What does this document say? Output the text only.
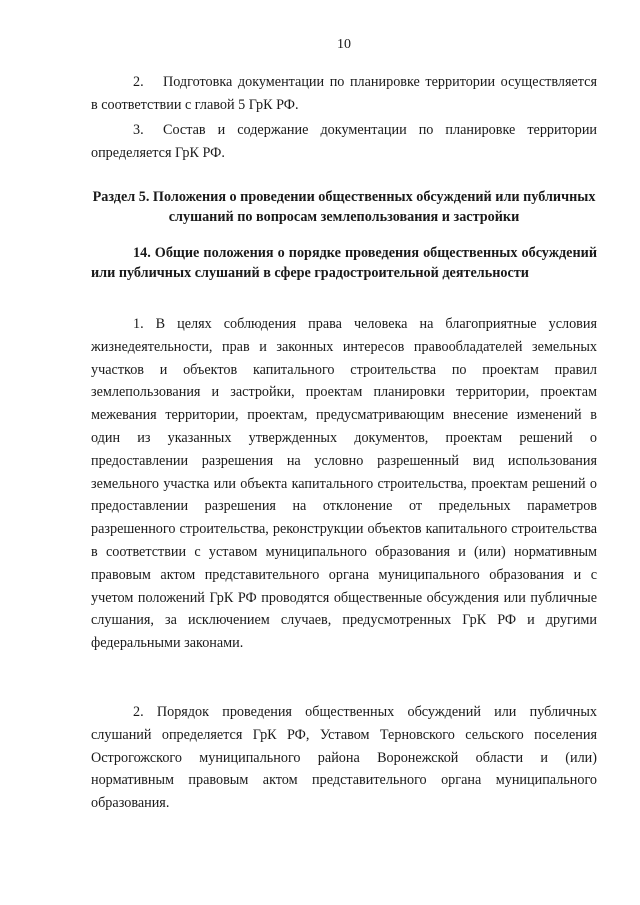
10

2. Подготовка документации по планировке территории осуществляется в соответствии с главой 5 ГрК РФ.

3. Состав и содержание документации по планировке территории определяется ГрК РФ.

Раздел 5. Положения о проведении общественных обсуждений или публичных слушаний по вопросам землепользования и застройки
14. Общие положения о порядке проведения общественных обсуждений или публичных слушаний в сфере градостроительной деятельности

1. В целях соблюдения права человека на благоприятные условия жизнедеятельности, прав и законных интересов правообладателей земельных участков и объектов капитального строительства по проектам правил землепользования и застройки, проектам планировки территории, проектам межевания территории, проектам, предусматривающим внесение изменений в один из указанных утвержденных документов, проектам решений о предоставлении разрешения на условно разрешенный вид использования земельного участка или объекта капитального строительства, проектам решений о предоставлении разрешения на отклонение от предельных параметров разрешенного строительства, реконструкции объектов капитального строительства в соответствии с уставом муниципального образования и (или) нормативным правовым актом представительного органа муниципального образования и с учетом положений ГрК РФ проводятся общественные обсуждения или публичные слушания, за исключением случаев, предусмотренных ГрК РФ и другими федеральными законами.

2. Порядок проведения общественных обсуждений или публичных слушаний определяется ГрК РФ, Уставом Терновского сельского поселения Острогожского муниципального района Воронежской области и (или) нормативным правовым актом представительного органа муниципального образования.
